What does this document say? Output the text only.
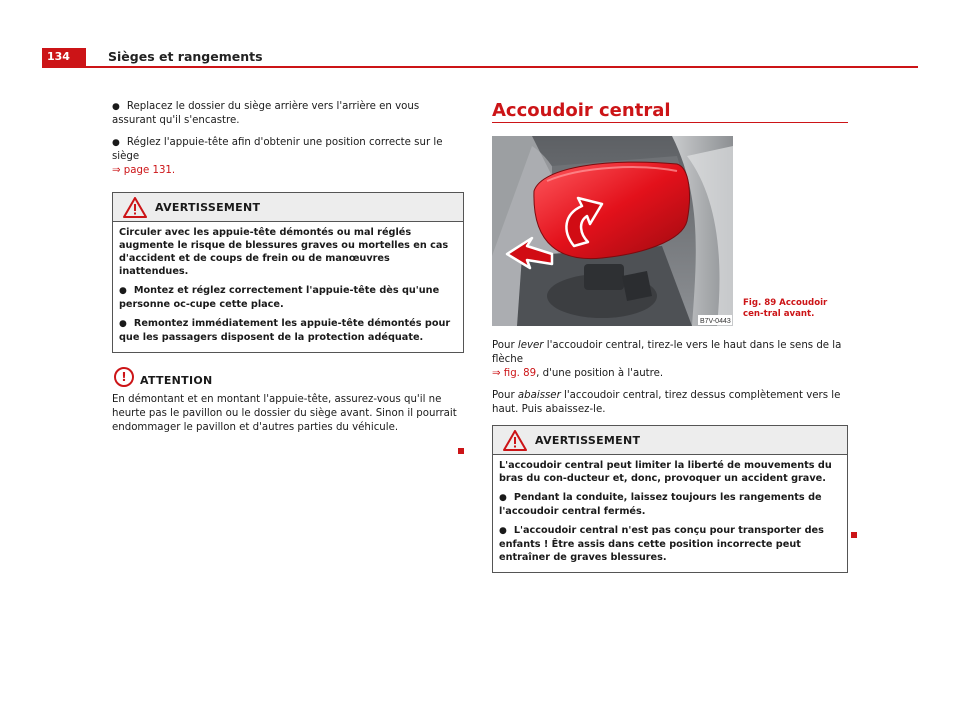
134	Sièges et rangements

● Replacez le dossier du siège arrière vers l'arrière en vous assurant qu'il s'encastre.

● Réglez l'appuie-tête afin d'obtenir une position correcte sur le siège
⇒ page 131.

AVERTISSEMENT

Circuler avec les appuie-tête démontés ou mal réglés augmente le risque de blessures graves ou mortelles en cas d'accident et de coups de frein ou de manœuvres inattendues.

● Montez et réglez correctement l'appuie-tête dès qu'une personne oc-cupe cette place.

● Remontez immédiatement les appuie-tête démontés pour que les passagers disposent de la protection adéquate.

!	ATTENTION

En démontant et en montant l'appuie-tête, assurez-vous qu'il ne heurte pas le pavillon ou le dossier du siège avant. Sinon il pourrait endommager le pavillon et d'autres parties du véhicule.

Accoudoir central
B7V-0443
Fig. 89 Accoudoir cen-tral avant.

Pour lever l'accoudoir central, tirez-le vers le haut dans le sens de la flèche
⇒ fig. 89, d'une position à l'autre.

Pour abaisser l'accoudoir central, tirez dessus complètement vers le haut. Puis abaissez-le.

AVERTISSEMENT

L'accoudoir central peut limiter la liberté de mouvements du bras du con-ducteur et, donc, provoquer un accident grave.

● Pendant la conduite, laissez toujours les rangements de l'accoudoir central fermés.

● L'accoudoir central n'est pas conçu pour transporter des enfants ! Être assis dans cette position incorrecte peut entraîner de graves blessures.
